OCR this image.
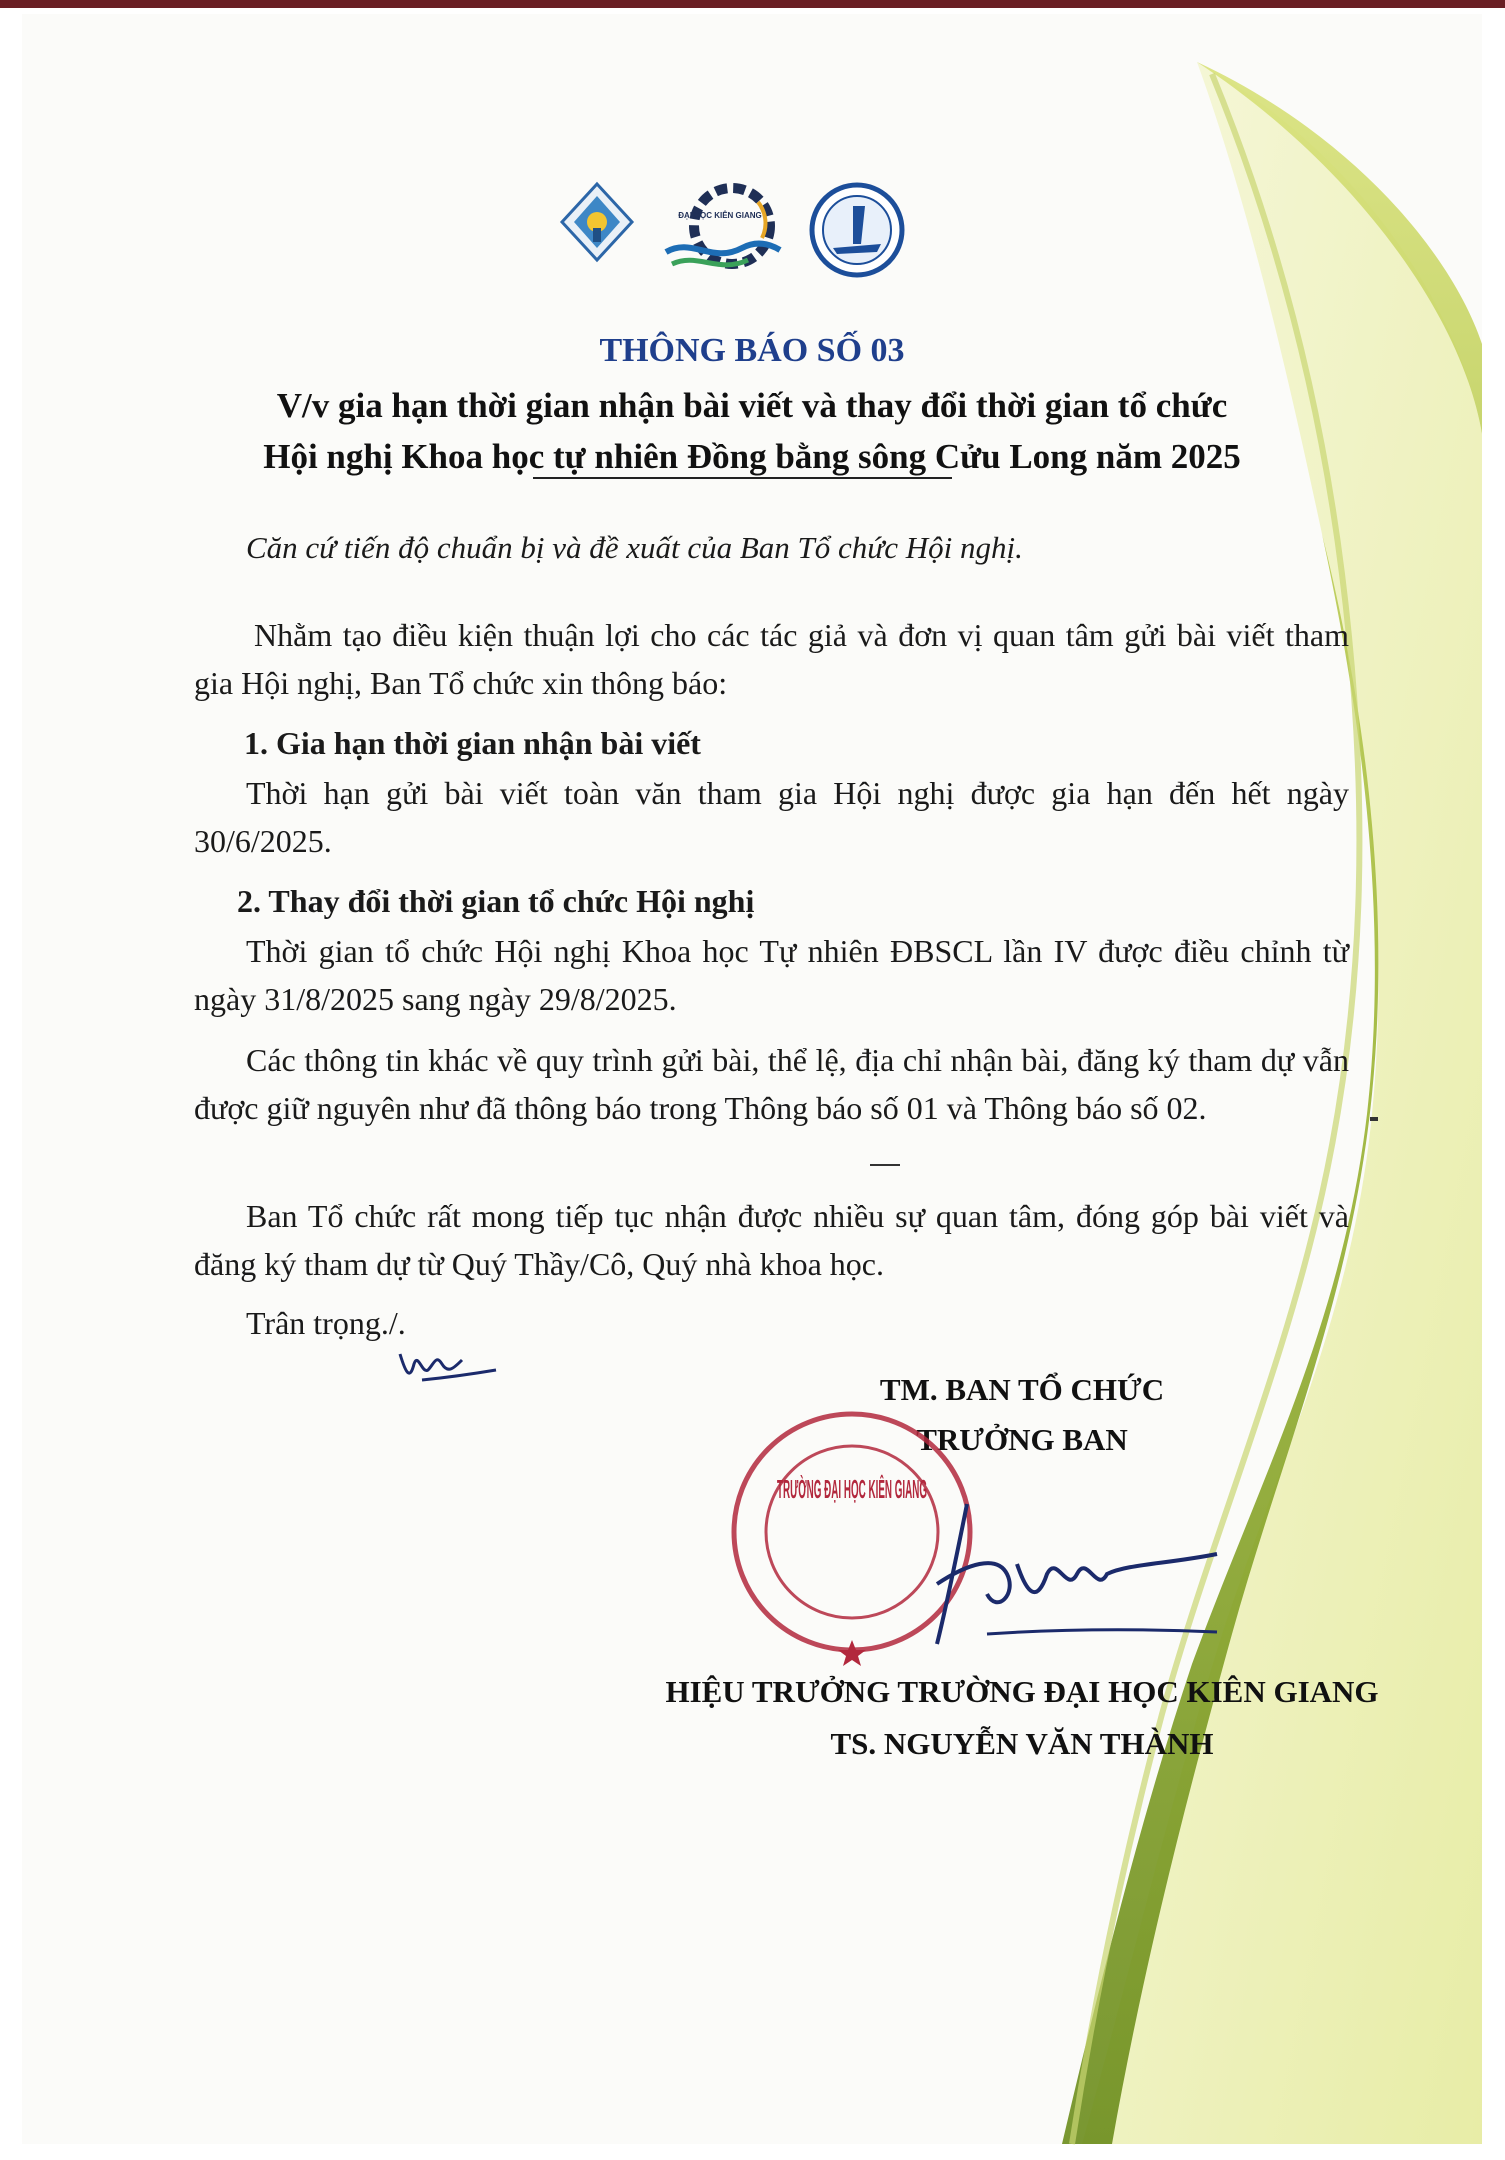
ĐẠI HỌC KIÊN GIANG
THÔNG BÁO SỐ 03
V/v gia hạn thời gian nhận bài viết và thay đổi thời gian tổ chức
Hội nghị Khoa học tự nhiên Đồng bằng sông Cửu Long năm 2025
Căn cứ tiến độ chuẩn bị và đề xuất của Ban Tổ chức Hội nghị.
Nhằm tạo điều kiện thuận lợi cho các tác giả và đơn vị quan tâm gửi bài viết tham gia Hội nghị, Ban Tổ chức xin thông báo:
1. Gia hạn thời gian nhận bài viết
Thời hạn gửi bài viết toàn văn tham gia Hội nghị được gia hạn đến hết ngày 30/6/2025.
2. Thay đổi thời gian tổ chức Hội nghị
Thời gian tổ chức Hội nghị Khoa học Tự nhiên ĐBSCL lần IV được điều chỉnh từ ngày 31/8/2025 sang ngày 29/8/2025.
Các thông tin khác về quy trình gửi bài, thể lệ, địa chỉ nhận bài, đăng ký tham dự vẫn được giữ nguyên như đã thông báo trong Thông báo số 01 và Thông báo số 02.
Ban Tổ chức rất mong tiếp tục nhận được nhiều sự quan tâm, đóng góp bài viết và đăng ký tham dự từ Quý Thầy/Cô, Quý nhà khoa học.
Trân trọng./.
TM. BAN TỔ CHỨC
TRƯỞNG BAN
TRƯỜNG ĐẠI HỌC KIÊN GIANG
HIỆU TRƯỞNG TRƯỜNG ĐẠI HỌC KIÊN GIANG
TS. NGUYỄN VĂN THÀNH
